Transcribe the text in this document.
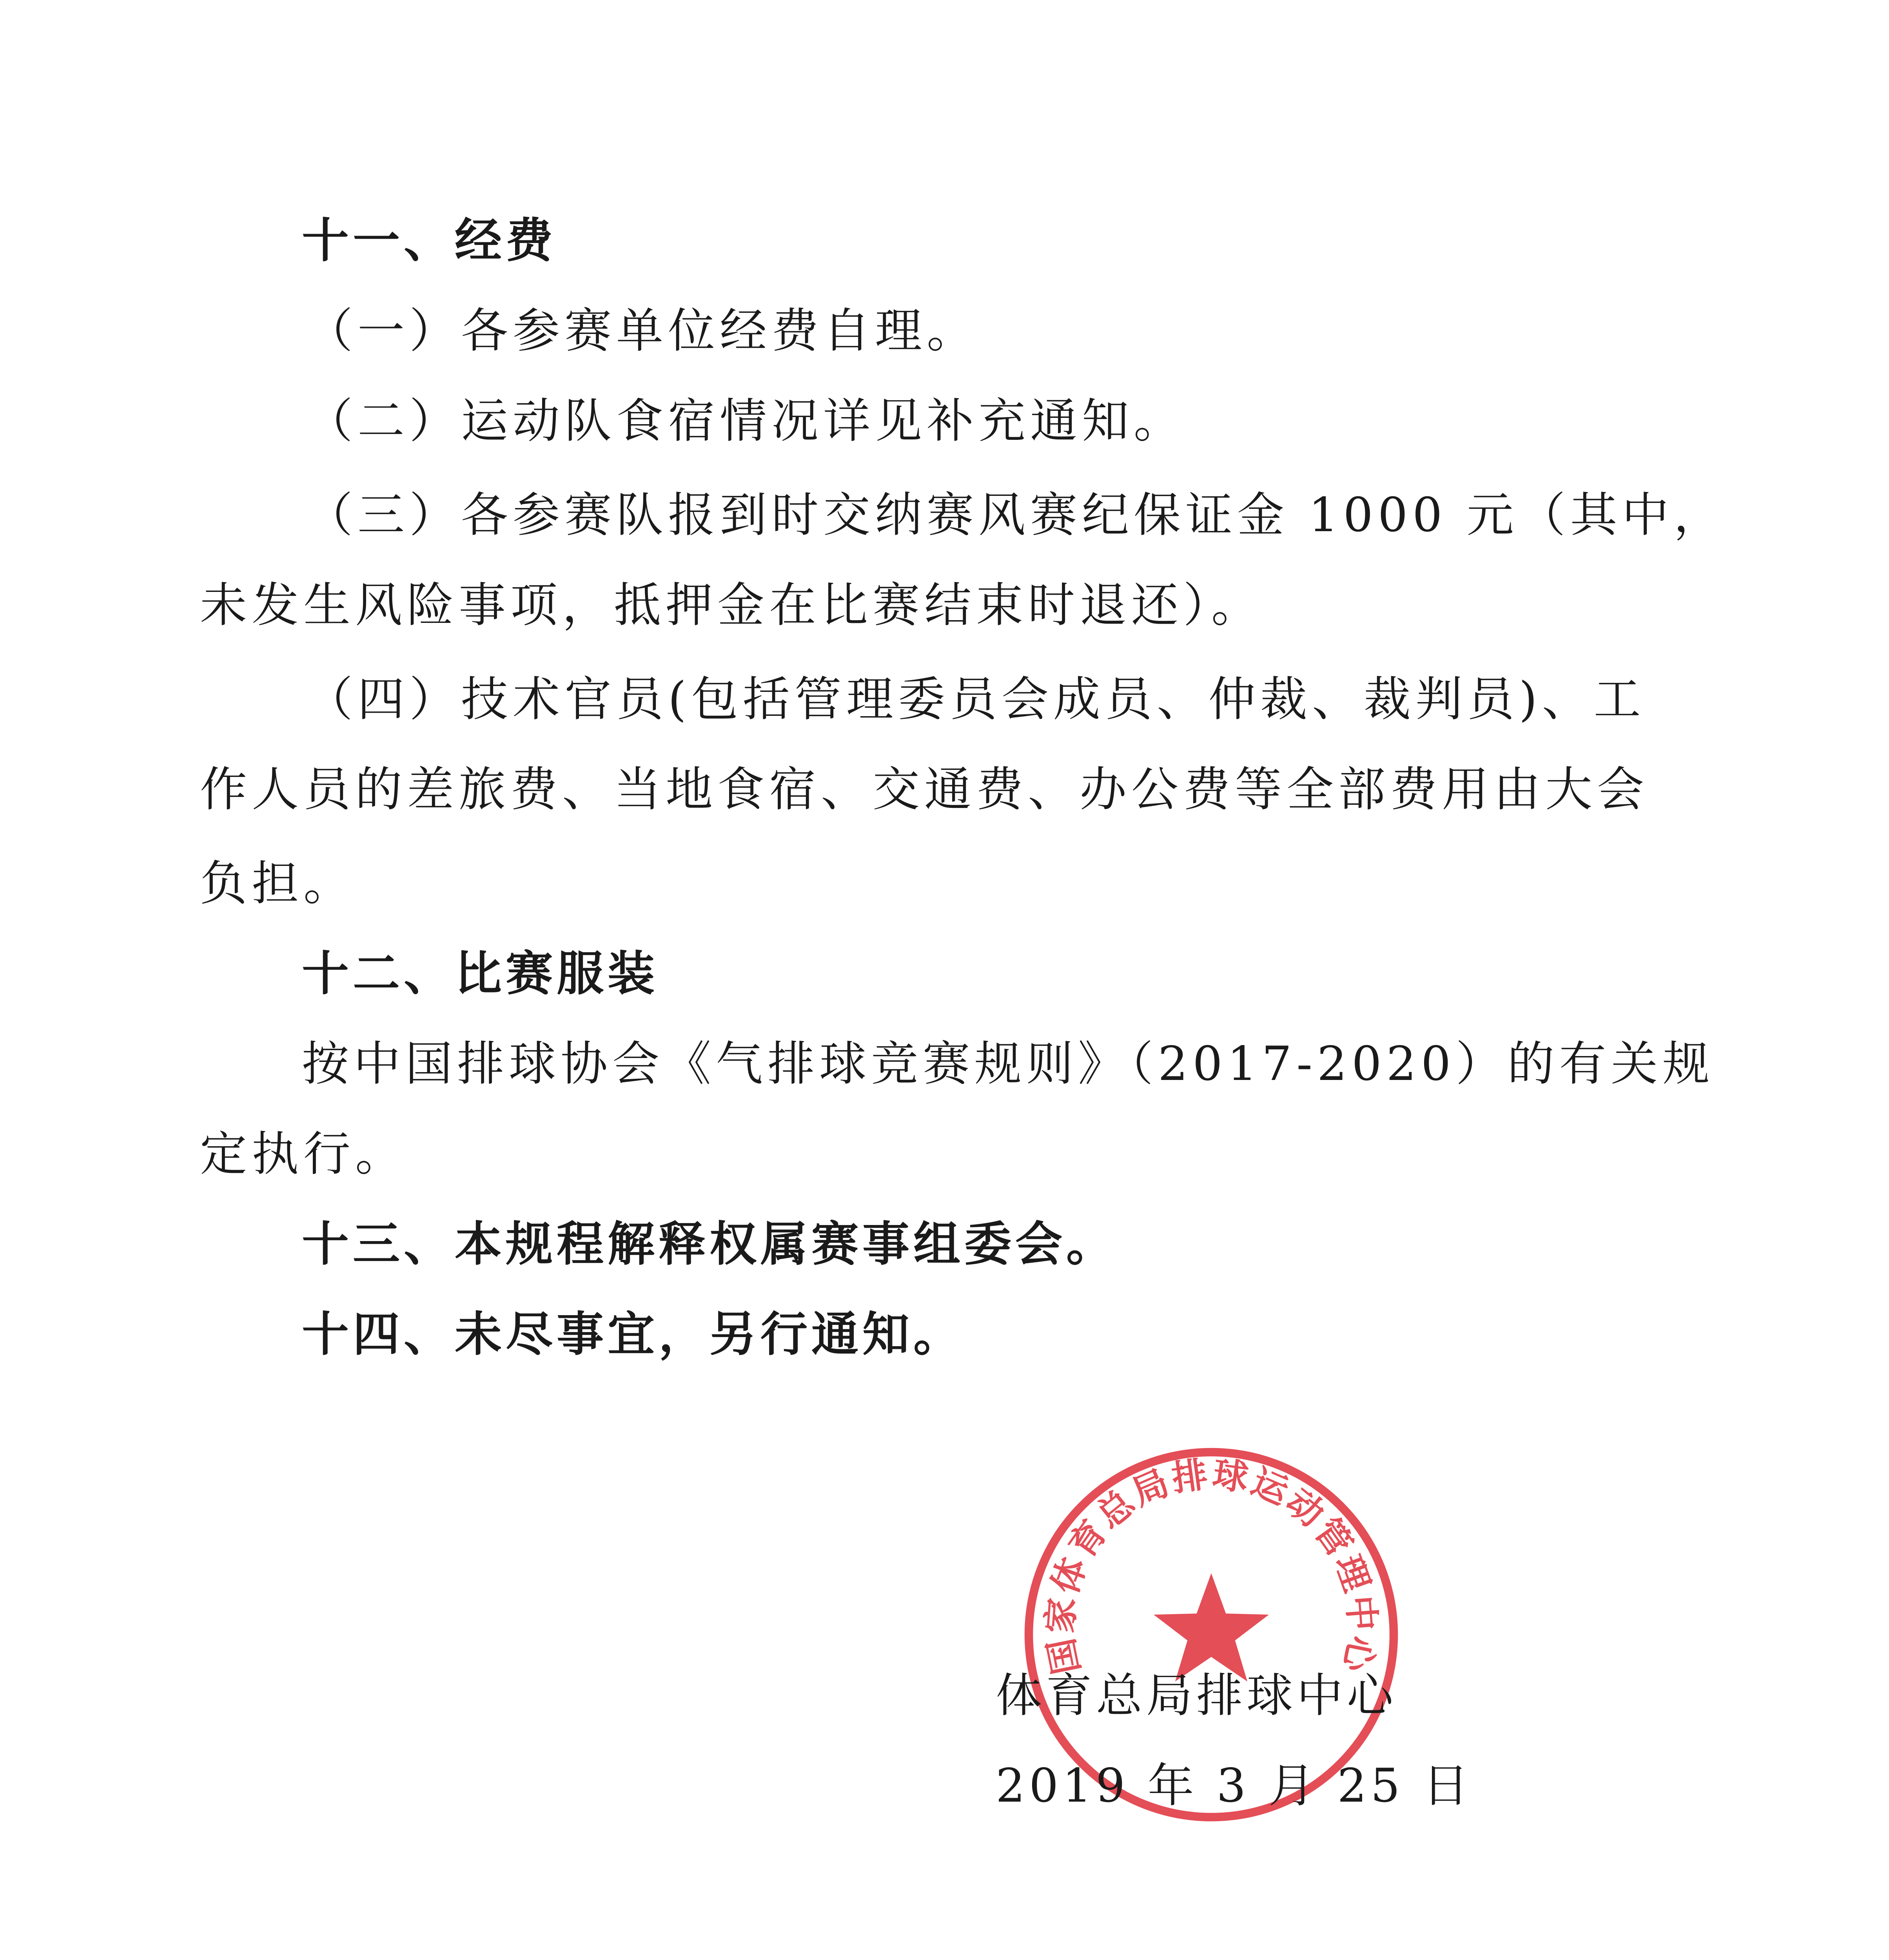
十一、经费
（一）各参赛单位经费自理。
（二）运动队食宿情况详见补充通知。
（三）各参赛队报到时交纳赛风赛纪保证金 1000 元（其中，
未发生风险事项，抵押金在比赛结束时退还）。
（四）技术官员(包括管理委员会成员、仲裁、裁判员)、工
作人员的差旅费、当地食宿、交通费、办公费等全部费用由大会
负担。
十二、比赛服装
按中国排球协会《气排球竞赛规则》（2017-2020）的有关规
定执行。
十三、本规程解释权属赛事组委会。
十四、未尽事宜，另行通知。
国家体育总局排球运动管理中心
体育总局排球中心
2019 年 3 月 25 日
